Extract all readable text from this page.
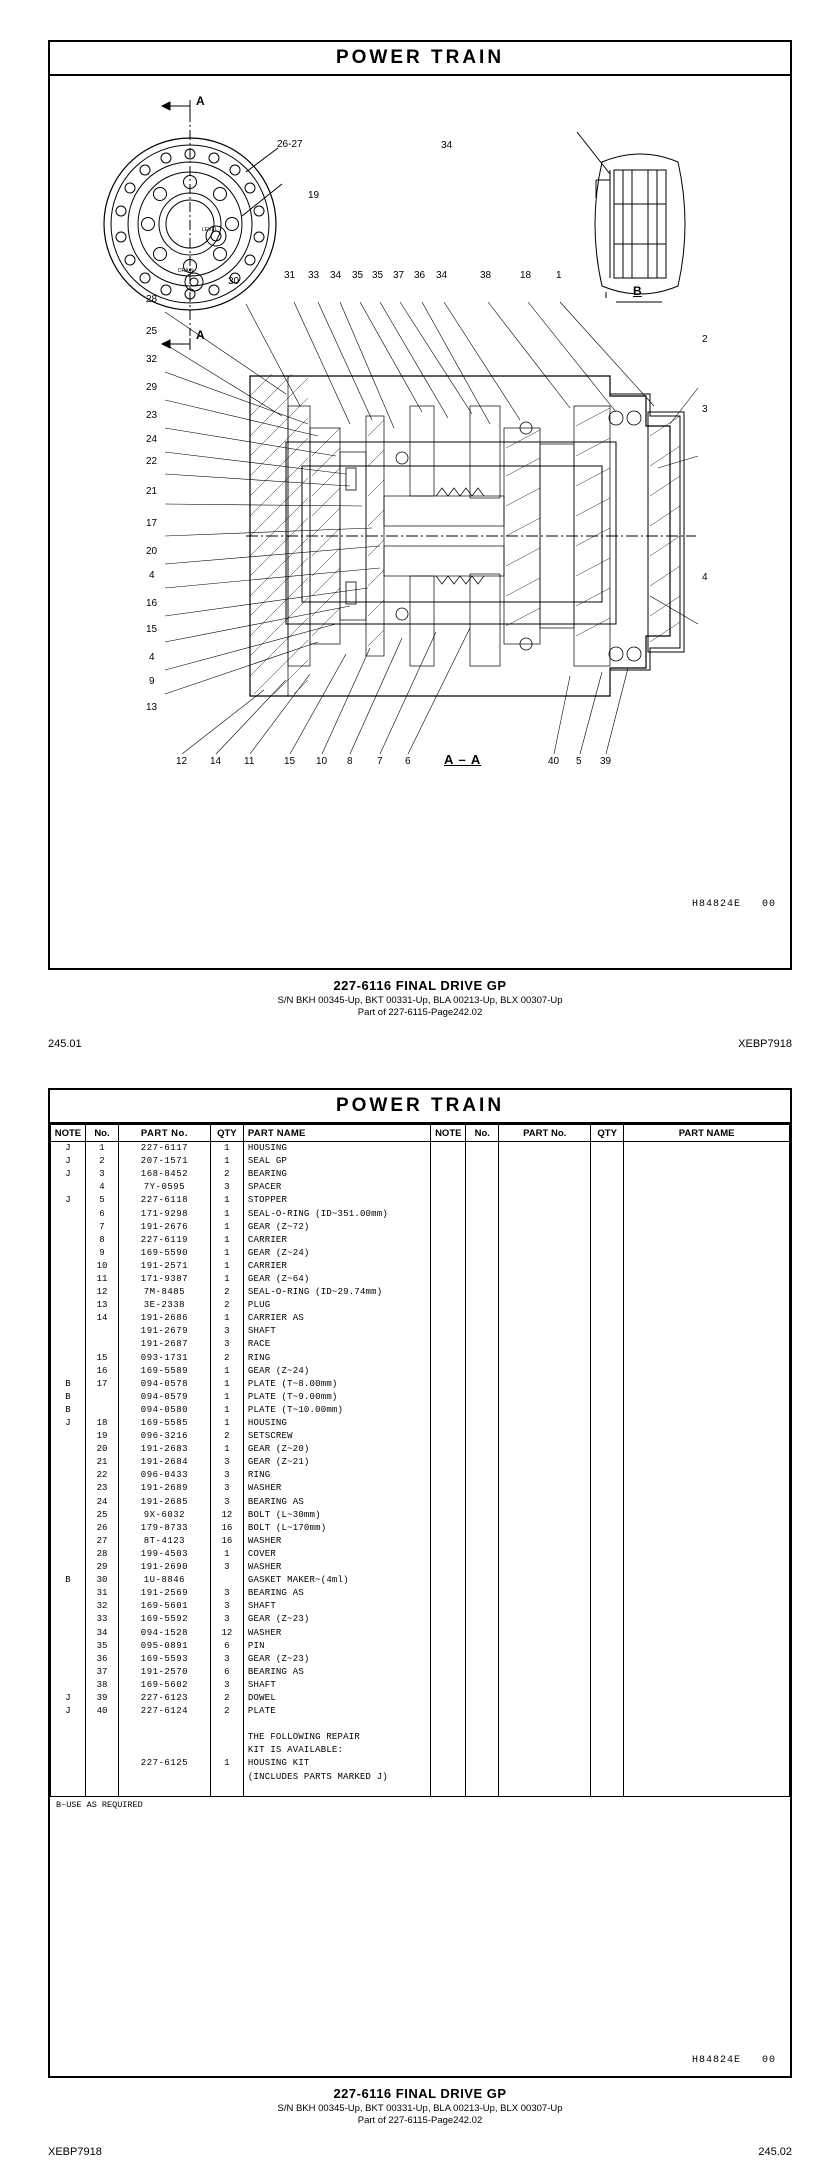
POWER TRAIN
26-27
19
34
LEVEL
DRAIN
A
A
B
30
31 33 34 35 35 37 36 34	38	18 1
28
25
32
29
23
24
22
21
17
20
4
16
15
4
9
13
2
3
4
12 14 11	15 10 8 7 6	40 5 39
A – A
H84824E 00
227-6116 FINAL DRIVE GP
S/N BKH 00345‑Up, BKT 00331‑Up, BLA 00213‑Up, BLX 00307‑Up
Part of 227-6115‑Page242.02
245.01	XEBP7918
POWER TRAIN
NOTE	No.	PART No.	QTY	PART NAME	NOTE	No.	PART No.	QTY	PART NAME
J	1	227-6117	1	HOUSING					
J	2	207-1571	1	SEAL GP					
J	3	168-8452	2	BEARING					
	4	7Y-0595	3	SPACER					
J	5	227-6118	1	STOPPER					
	6	171-9298	1	SEAL-O-RING (ID~351.00mm)					
	7	191-2676	1	GEAR (Z~72)					
	8	227-6119	1	CARRIER					
	9	169-5590	1	GEAR (Z~24)					
	10	191-2571	1	CARRIER					
	11	171-9387	1	GEAR (Z~64)					
	12	7M-8485	2	SEAL-O-RING (ID~29.74mm)					
	13	3E-2338	2	PLUG					
	14	191-2686	1	CARRIER AS					
		191-2679	3	SHAFT					
		191-2687	3	RACE					
	15	093-1731	2	RING					
	16	169-5589	1	GEAR (Z~24)					
B	17	094-0578	1	PLATE (T~8.00mm)					
B		094-0579	1	PLATE (T~9.00mm)					
B		094-0580	1	PLATE (T~10.00mm)					
J	18	169-5585	1	HOUSING					
	19	096-3216	2	SETSCREW					
	20	191-2683	1	GEAR (Z~20)					
	21	191-2684	3	GEAR (Z~21)					
	22	096-0433	3	RING					
	23	191-2689	3	WASHER					
	24	191-2685	3	BEARING AS					
	25	9X-6032	12	BOLT (L~30mm)					
	26	179-8733	16	BOLT (L~170mm)					
	27	8T-4123	16	WASHER					
	28	199-4503	1	COVER					
	29	191-2690	3	WASHER					
B	30	1U-8846		GASKET MAKER~(4ml)					
	31	191-2569	3	BEARING AS					
	32	169-5601	3	SHAFT					
	33	169-5592	3	GEAR (Z~23)					
	34	094-1528	12	WASHER					
	35	095-0891	6	PIN					
	36	169-5593	3	GEAR (Z~23)					
	37	191-2570	6	BEARING AS					
	38	169-5602	3	SHAFT					
J	39	227-6123	2	DOWEL					
J	40	227-6124	2	PLATE					

				THE FOLLOWING REPAIR					
				KIT IS AVAILABLE:					
		227-6125	1	HOUSING KIT					
				(INCLUDES PARTS MARKED J)					

B–USE AS REQUIRED
H84824E 00
227-6116 FINAL DRIVE GP
S/N BKH 00345‑Up, BKT 00331‑Up, BLA 00213‑Up, BLX 00307‑Up
Part of 227-6115‑Page242.02
XEBP7918	245.02
